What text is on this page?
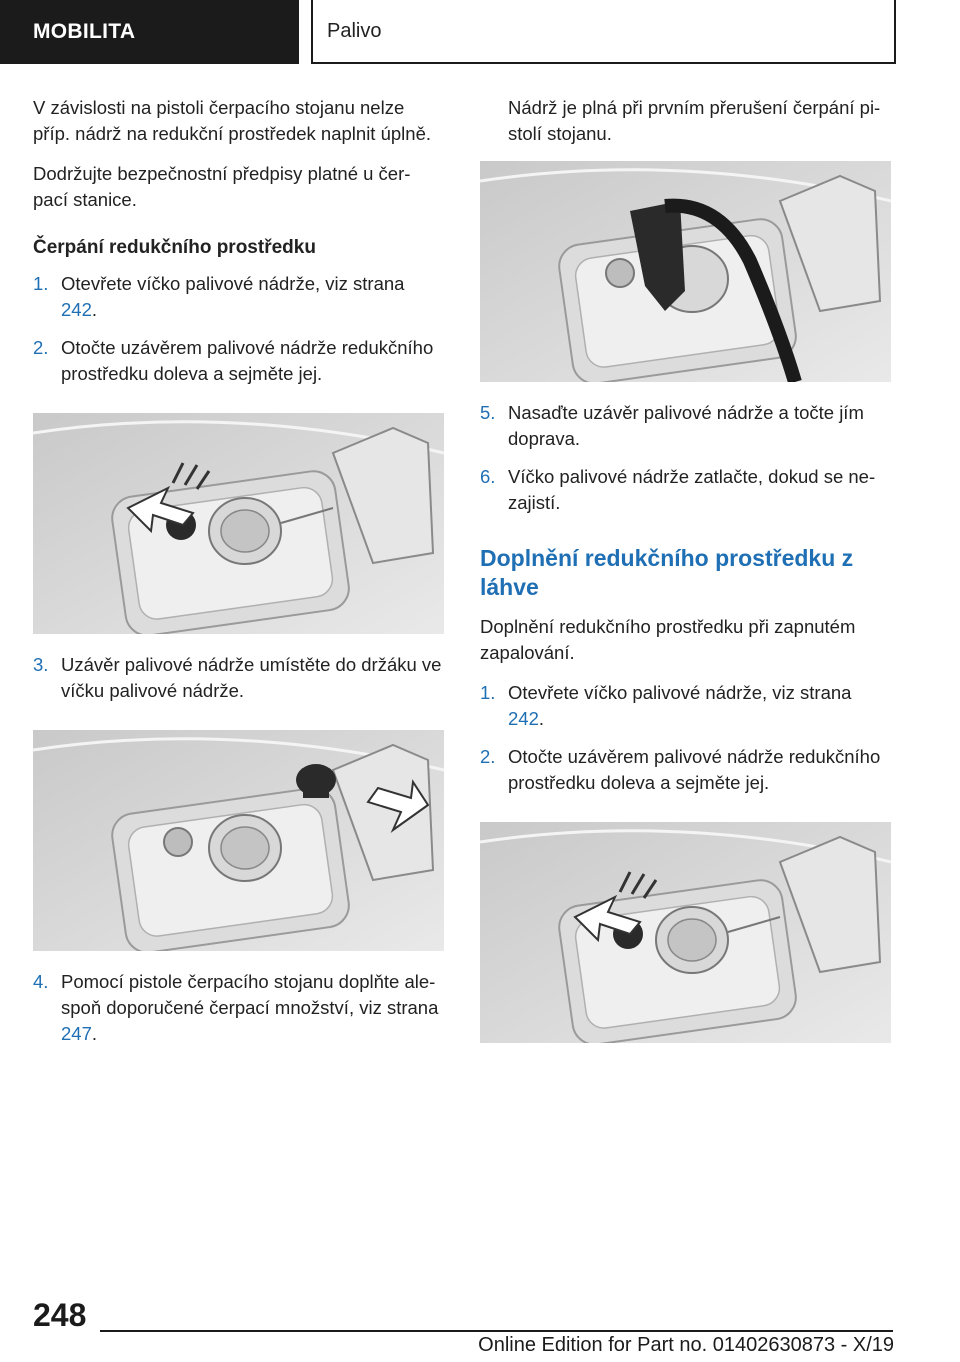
MOBILITA	Palivo

V závislosti na pistoli čerpacího stojanu nelze příp. nádrž na redukční prostředek naplnit úplně.

Dodržujte bezpečnostní předpisy platné u čer-pací stanice.

Čerpání redukčního prostředku
1. Otevřete víčko palivové nádrže, viz strana 242.
2. Otočte uzávěrem palivové nádrže redukčního prostředku doleva a sejměte jej.
3. Uzávěr palivové nádrže umístěte do držáku ve víčku palivové nádrže.
4. Pomocí pistole čerpacího stojanu doplňte ale-spoň doporučené čerpací množství, viz strana 247.
Nádrž je plná při prvním přerušení čerpání pi-stolí stojanu.
5. Nasaďte uzávěr palivové nádrže a točte jím doprava.
6. Víčko palivové nádrže zatlačte, dokud se ne-zajistí.
Doplnění redukčního prostředku z láhve

Doplnění redukčního prostředku při zapnutém zapalování.

1. Otevřete víčko palivové nádrže, viz strana 242.
2. Otočte uzávěrem palivové nádrže redukčního prostředku doleva a sejměte jej.
248
Online Edition for Part no. 01402630873 - X/19
